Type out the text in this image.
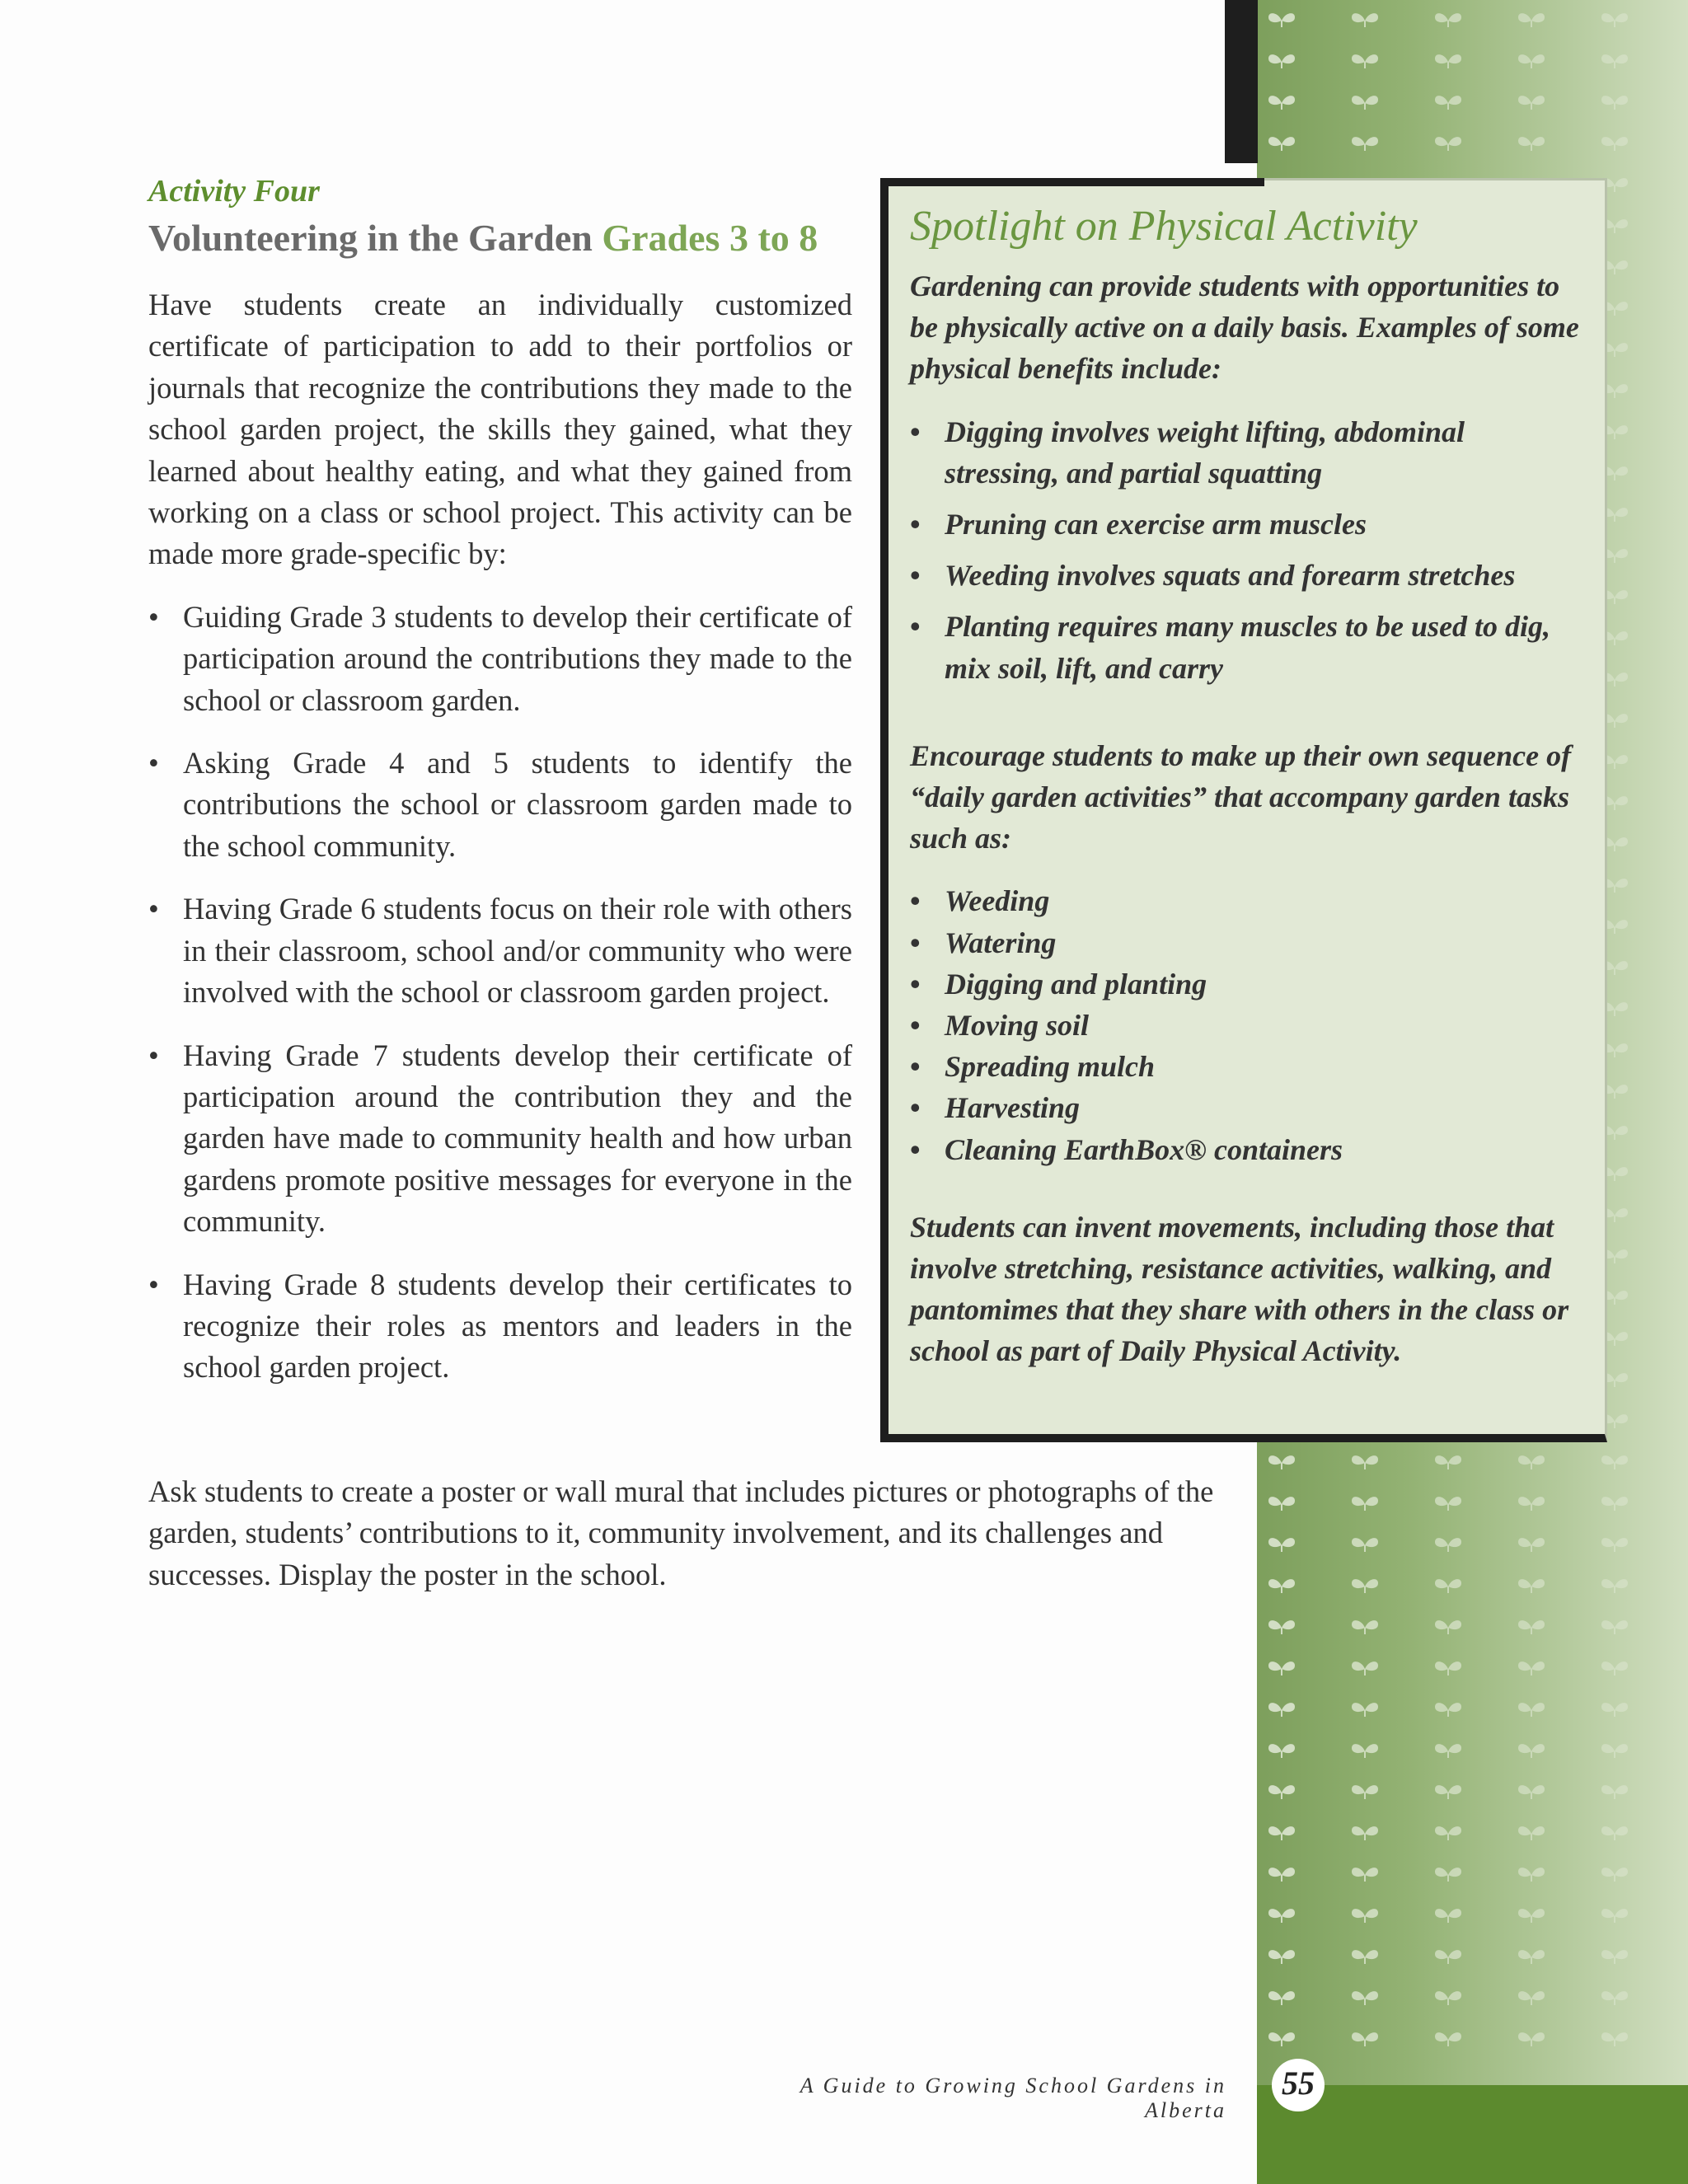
Activity Four
Volunteering in the Garden Grades 3 to 8

Have students create an individually customized certificate of participation to add to their portfolios or journals that recognize the contributions they made to the school garden project, the skills they gained, what they learned about healthy eating, and what they gained from working on a class or school project. This activity can be made more grade-specific by:

• Guiding Grade 3 students to develop their certificate of participation around the contributions they made to the school or classroom garden.
• Asking Grade 4 and 5 students to identify the contributions the school or classroom garden made to the school community.
• Having Grade 6 students focus on their role with others in their classroom, school and/or community who were involved with the school or classroom garden project.
• Having Grade 7 students develop their certificate of participation around the contribution they and the garden have made to community health and how urban gardens promote positive messages for everyone in the community.
• Having Grade 8 students develop their certificates to recognize their roles as mentors and leaders in the school garden project.

Ask students to create a poster or wall mural that includes pictures or photographs of the garden, students’ contributions to it, community involvement, and its challenges and successes. Display the poster in the school.

Spotlight on Physical Activity

Gardening can provide students with opportunities to be physically active on a daily basis. Examples of some physical benefits include:

• Digging involves weight lifting, abdominal stressing, and partial squatting
• Pruning can exercise arm muscles
• Weeding involves squats and forearm stretches
• Planting requires many muscles to be used to dig, mix soil, lift, and carry

Encourage students to make up their own sequence of “daily garden activities” that accompany garden tasks such as:

• Weeding
• Watering
• Digging and planting
• Moving soil
• Spreading mulch
• Harvesting
• Cleaning EarthBox® containers

Students can invent movements, including those that involve stretching, resistance activities, walking, and pantomimes that they share with others in the class or school as part of Daily Physical Activity.

A Guide to Growing School Gardens in Alberta
55
